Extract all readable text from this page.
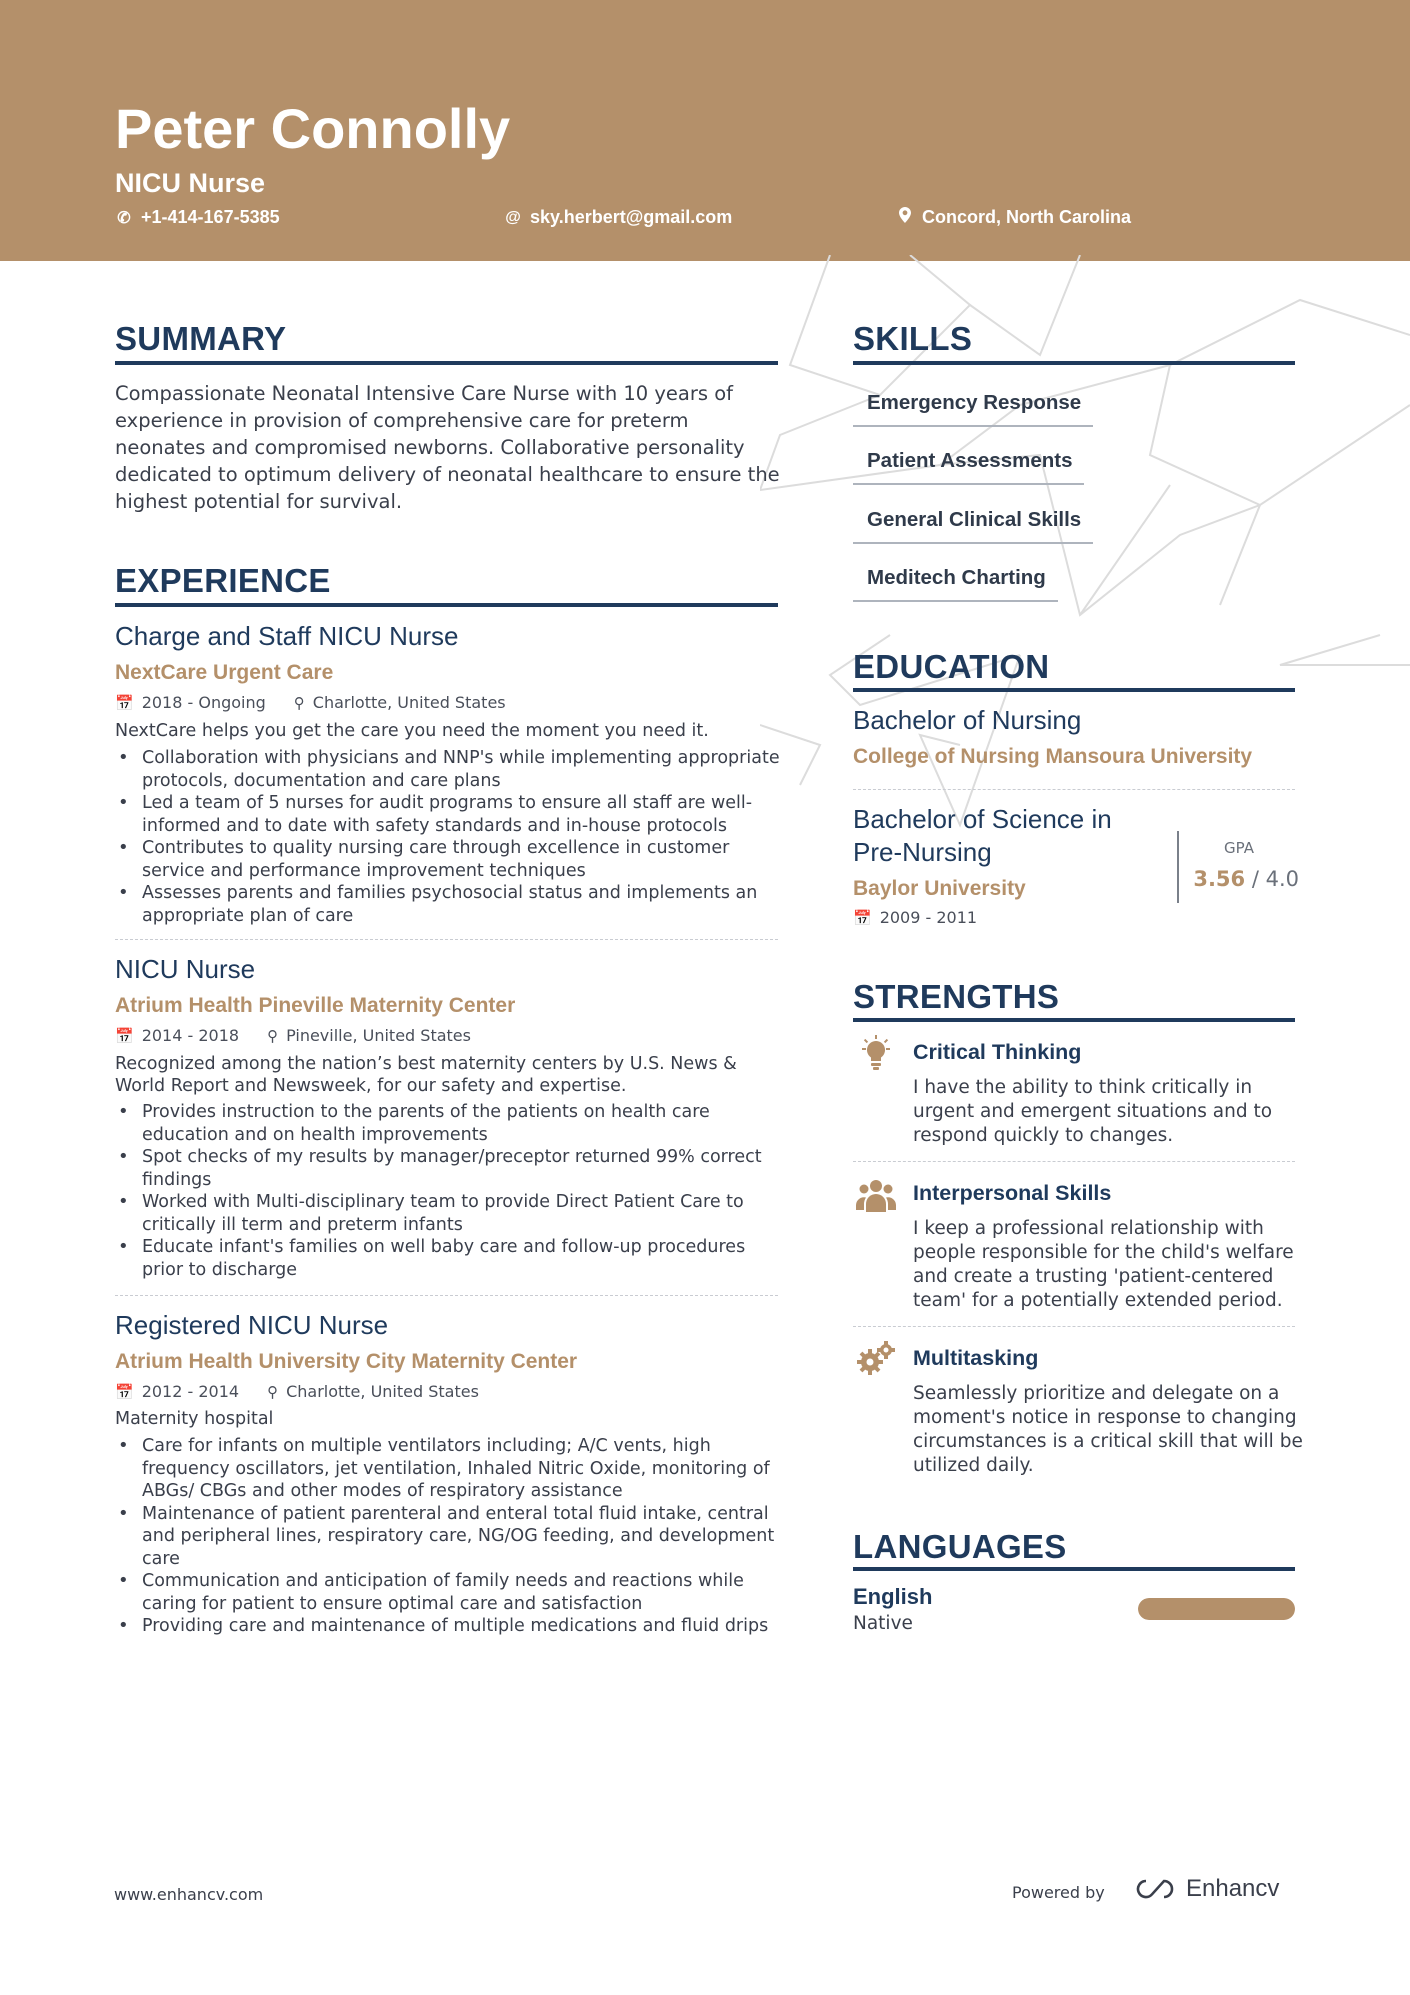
Peter Connolly
NICU Nurse
✆ +1-414-167-5385	@ sky.herbert@gmail.com	Concord, North Carolina
SUMMARY
Compassionate Neonatal Intensive Care Nurse with 10 years of experience in provision of comprehensive care for preterm neonates and compromised newborns. Collaborative personality dedicated to optimum delivery of neonatal healthcare to ensure the highest potential for survival.
EXPERIENCE
Charge and Staff NICU Nurse
NextCare Urgent Care
📅 2018 - Ongoing ⚲ Charlotte, United States
NextCare helps you get the care you need the moment you need it.
• Collaboration with physicians and NNP's while implementing appropriate protocols, documentation and care plans
• Led a team of 5 nurses for audit programs to ensure all staff are well-informed and to date with safety standards and in-house protocols
• Contributes to quality nursing care through excellence in customer service and performance improvement techniques
• Assesses parents and families psychosocial status and implements an appropriate plan of care
NICU Nurse
Atrium Health Pineville Maternity Center
📅 2014 - 2018 ⚲ Pineville, United States
Recognized among the nation’s best maternity centers by U.S. News & World Report and Newsweek, for our safety and expertise.
• Provides instruction to the parents of the patients on health care education and on health improvements
• Spot checks of my results by manager/preceptor returned 99% correct findings
• Worked with Multi-disciplinary team to provide Direct Patient Care to critically ill term and preterm infants
• Educate infant's families on well baby care and follow-up procedures prior to discharge
Registered NICU Nurse
Atrium Health University City Maternity Center
📅 2012 - 2014 ⚲ Charlotte, United States
Maternity hospital
• Care for infants on multiple ventilators including; A/C vents, high frequency oscillators, jet ventilation, Inhaled Nitric Oxide, monitoring of ABGs/ CBGs and other modes of respiratory assistance
• Maintenance of patient parenteral and enteral total fluid intake, central and peripheral lines, respiratory care, NG/OG feeding, and development care
• Communication and anticipation of family needs and reactions while caring for patient to ensure optimal care and satisfaction
• Providing care and maintenance of multiple medications and fluid drips
SKILLS
Emergency Response
Patient Assessments
General Clinical Skills
Meditech Charting
EDUCATION
Bachelor of Nursing
College of Nursing Mansoura University
Bachelor of Science in Pre-Nursing
Baylor University
📅 2009 - 2011
GPA
3.56 / 4.0
STRENGTHS
Critical Thinking
I have the ability to think critically in urgent and emergent situations and to respond quickly to changes.
Interpersonal Skills
I keep a professional relationship with people responsible for the child's welfare and create a trusting 'patient-centered team' for a potentially extended period.
Multitasking
Seamlessly prioritize and delegate on a moment's notice in response to changing circumstances is a critical skill that will be utilized daily.
LANGUAGES
English
Native
www.enhancv.com	Powered by	Enhancv
